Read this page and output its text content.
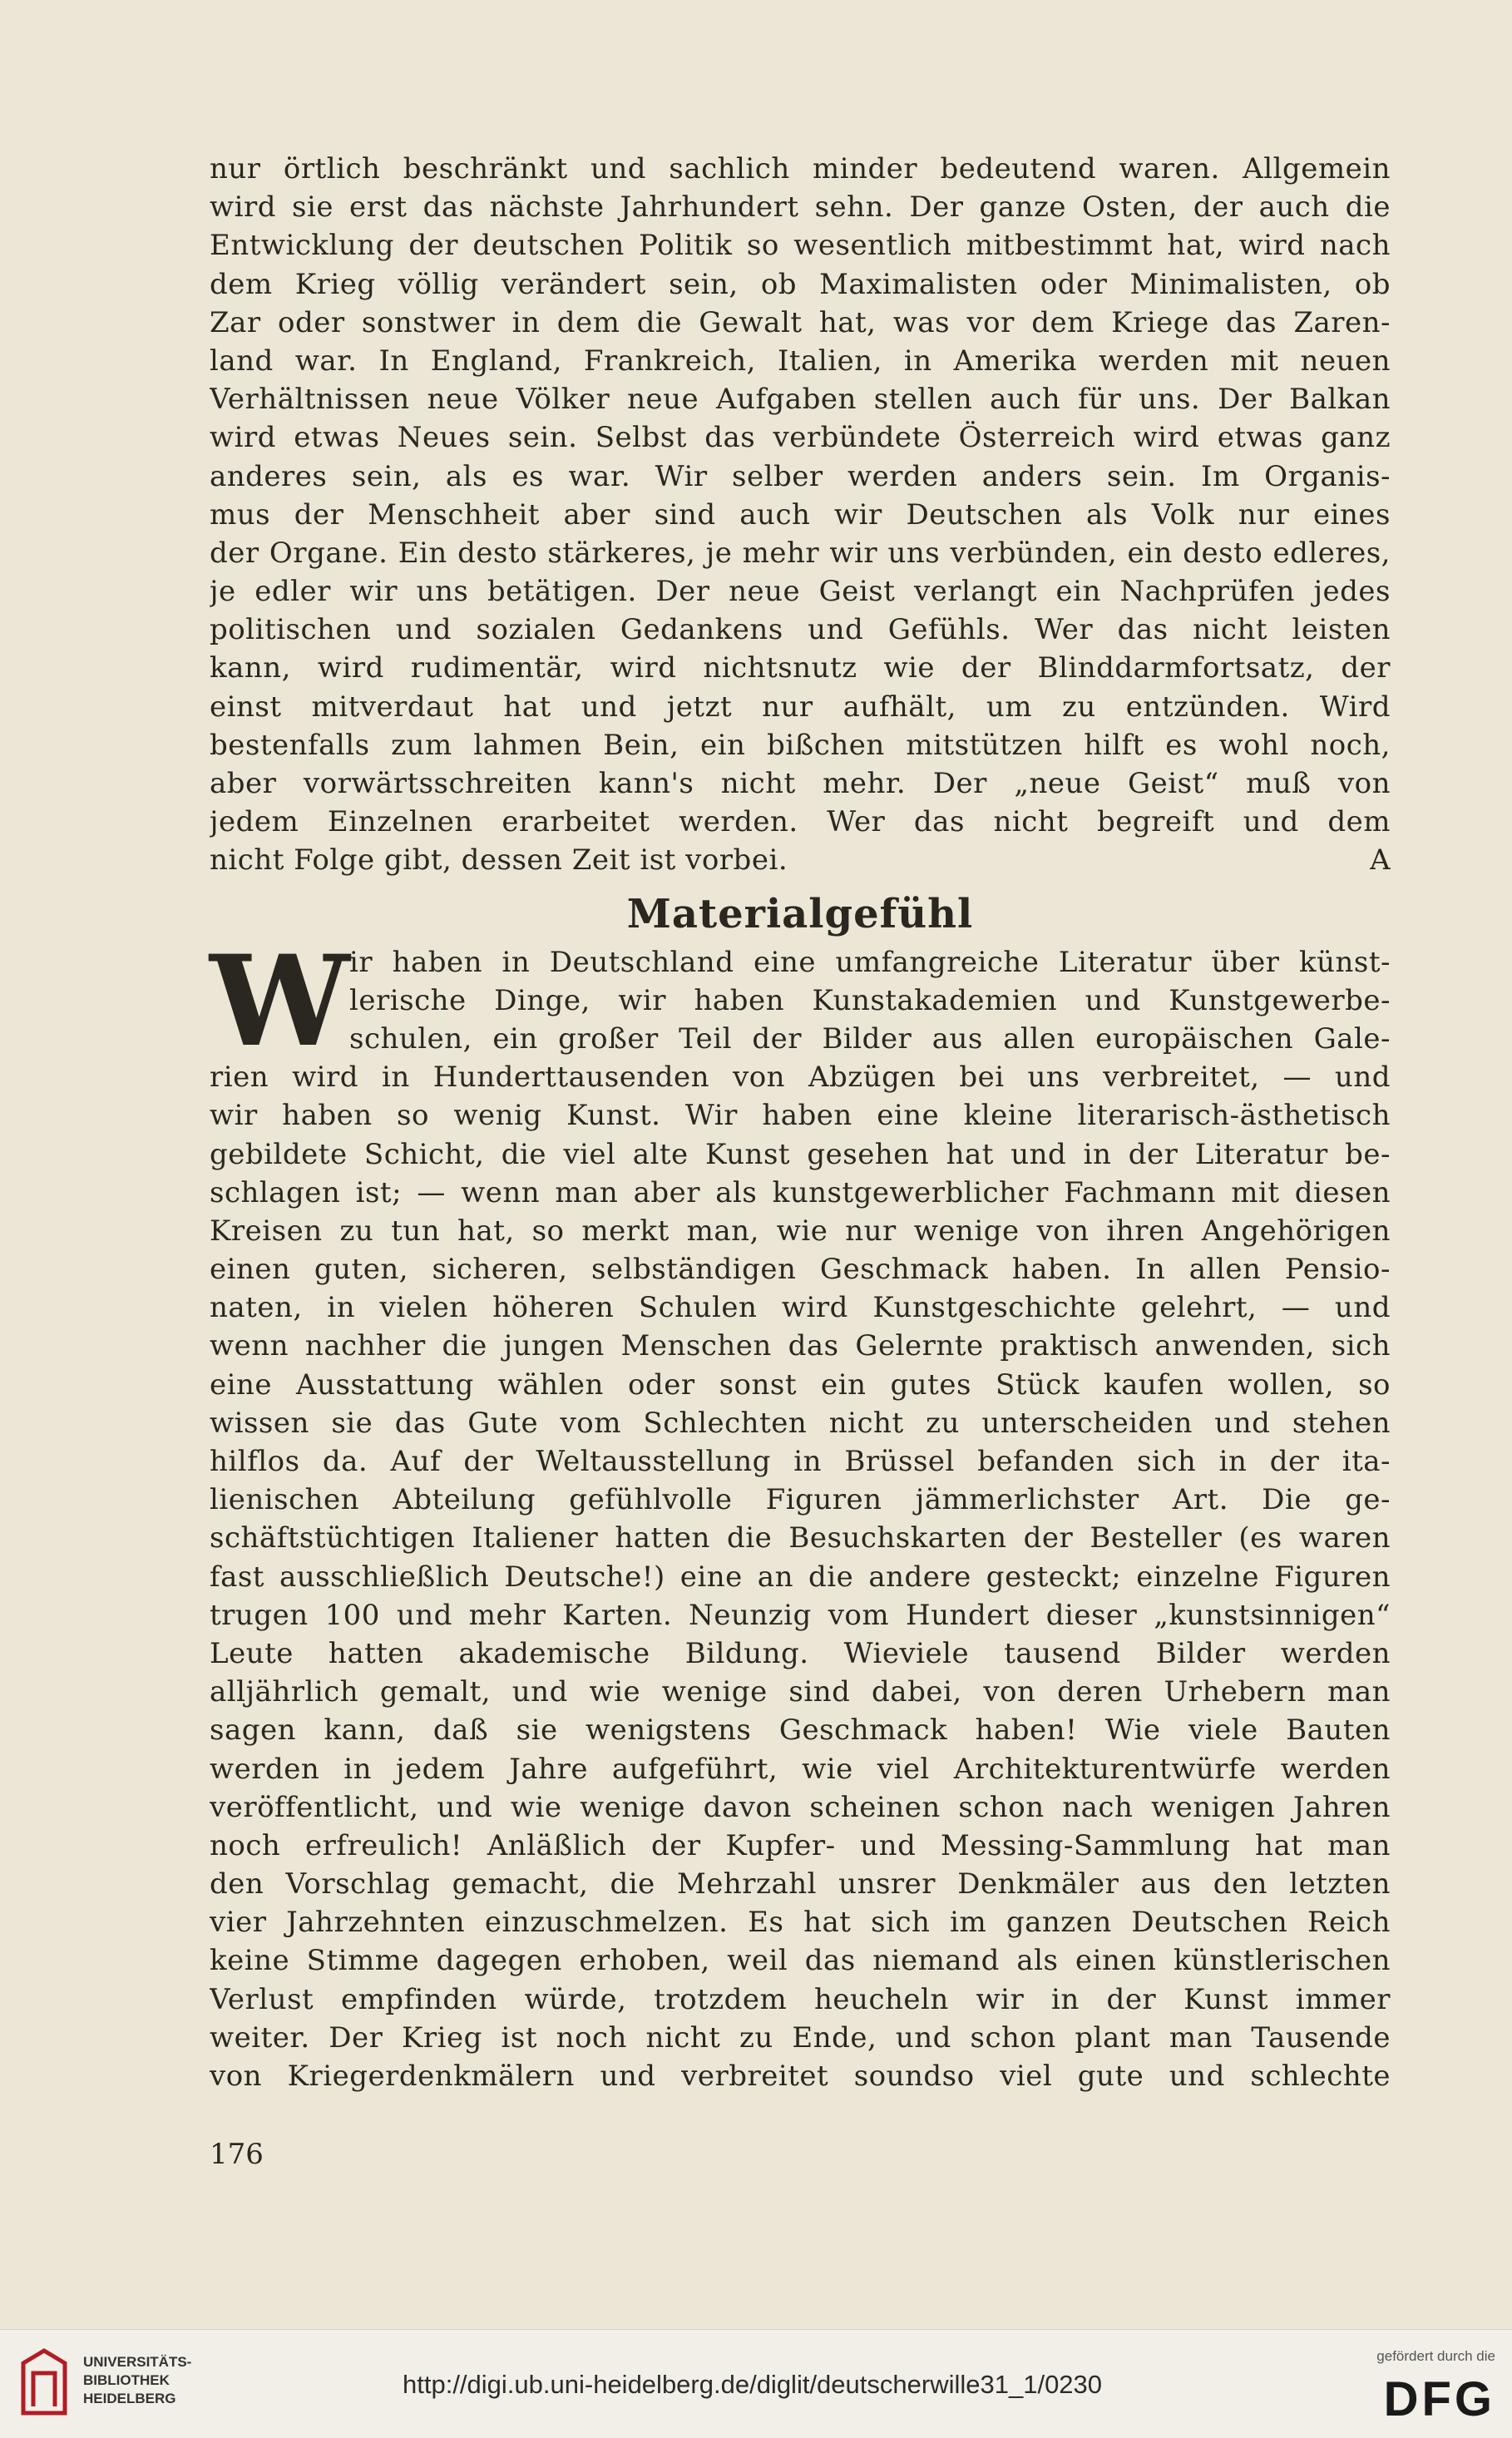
nur örtlich beschränkt und sachlich minder bedeutend waren. Allgemein
wird sie erst das nächste Jahrhundert sehn. Der ganze Osten, der auch die
Entwicklung der deutschen Politik so wesentlich mitbestimmt hat, wird nach
dem Krieg völlig verändert sein, ob Maximalisten oder Minimalisten, ob
Zar oder sonstwer in dem die Gewalt hat, was vor dem Kriege das Zaren-
land war. In England, Frankreich, Italien, in Amerika werden mit neuen
Verhältnissen neue Völker neue Aufgaben stellen auch für uns. Der Balkan
wird etwas Neues sein. Selbst das verbündete Österreich wird etwas ganz
anderes sein, als es war. Wir selber werden anders sein. Im Organis-
mus der Menschheit aber sind auch wir Deutschen als Volk nur eines
der Organe. Ein desto stärkeres, je mehr wir uns verbünden, ein desto edleres,
je edler wir uns betätigen. Der neue Geist verlangt ein Nachprüfen jedes
politischen und sozialen Gedankens und Gefühls. Wer das nicht leisten
kann, wird rudimentär, wird nichtsnutz wie der Blinddarmfortsatz, der
einst mitverdaut hat und jetzt nur aufhält, um zu entzünden. Wird
bestenfalls zum lahmen Bein, ein bißchen mitstützen hilft es wohl noch,
aber vorwärtsschreiten kann's nicht mehr. Der „neue Geist“ muß von
jedem Einzelnen erarbeitet werden. Wer das nicht begreift und dem
nicht Folge gibt, dessen Zeit ist vorbei.	A
Materialgefühl
W ir haben in Deutschland eine umfangreiche Literatur über künst-
lerische Dinge, wir haben Kunstakademien und Kunstgewerbe-
schulen, ein großer Teil der Bilder aus allen europäischen Gale-
rien wird in Hunderttausenden von Abzügen bei uns verbreitet, — und
wir haben so wenig Kunst. Wir haben eine kleine literarisch-ästhetisch
gebildete Schicht, die viel alte Kunst gesehen hat und in der Literatur be-
schlagen ist; — wenn man aber als kunstgewerblicher Fachmann mit diesen
Kreisen zu tun hat, so merkt man, wie nur wenige von ihren Angehörigen
einen guten, sicheren, selbständigen Geschmack haben. In allen Pensio-
naten, in vielen höheren Schulen wird Kunstgeschichte gelehrt, — und
wenn nachher die jungen Menschen das Gelernte praktisch anwenden, sich
eine Ausstattung wählen oder sonst ein gutes Stück kaufen wollen, so
wissen sie das Gute vom Schlechten nicht zu unterscheiden und stehen
hilflos da. Auf der Weltausstellung in Brüssel befanden sich in der ita-
lienischen Abteilung gefühlvolle Figuren jämmerlichster Art. Die ge-
schäftstüchtigen Italiener hatten die Besuchskarten der Besteller (es waren
fast ausschließlich Deutsche!) eine an die andere gesteckt; einzelne Figuren
trugen 100 und mehr Karten. Neunzig vom Hundert dieser „kunstsinnigen“
Leute hatten akademische Bildung. Wieviele tausend Bilder werden
alljährlich gemalt, und wie wenige sind dabei, von deren Urhebern man
sagen kann, daß sie wenigstens Geschmack haben! Wie viele Bauten
werden in jedem Jahre aufgeführt, wie viel Architekturentwürfe werden
veröffentlicht, und wie wenige davon scheinen schon nach wenigen Jahren
noch erfreulich! Anläßlich der Kupfer- und Messing-Sammlung hat man
den Vorschlag gemacht, die Mehrzahl unsrer Denkmäler aus den letzten
vier Jahrzehnten einzuschmelzen. Es hat sich im ganzen Deutschen Reich
keine Stimme dagegen erhoben, weil das niemand als einen künstlerischen
Verlust empfinden würde, trotzdem heucheln wir in der Kunst immer
weiter. Der Krieg ist noch nicht zu Ende, und schon plant man Tausende
von Kriegerdenkmälern und verbreitet soundso viel gute und schlechte
176
UNIVERSITÄTS-
BIBLIOTHEK
HEIDELBERG	http://digi.ub.uni-heidelberg.de/diglit/deutscherwille31_1/0230
gefördert durch die
DFG
